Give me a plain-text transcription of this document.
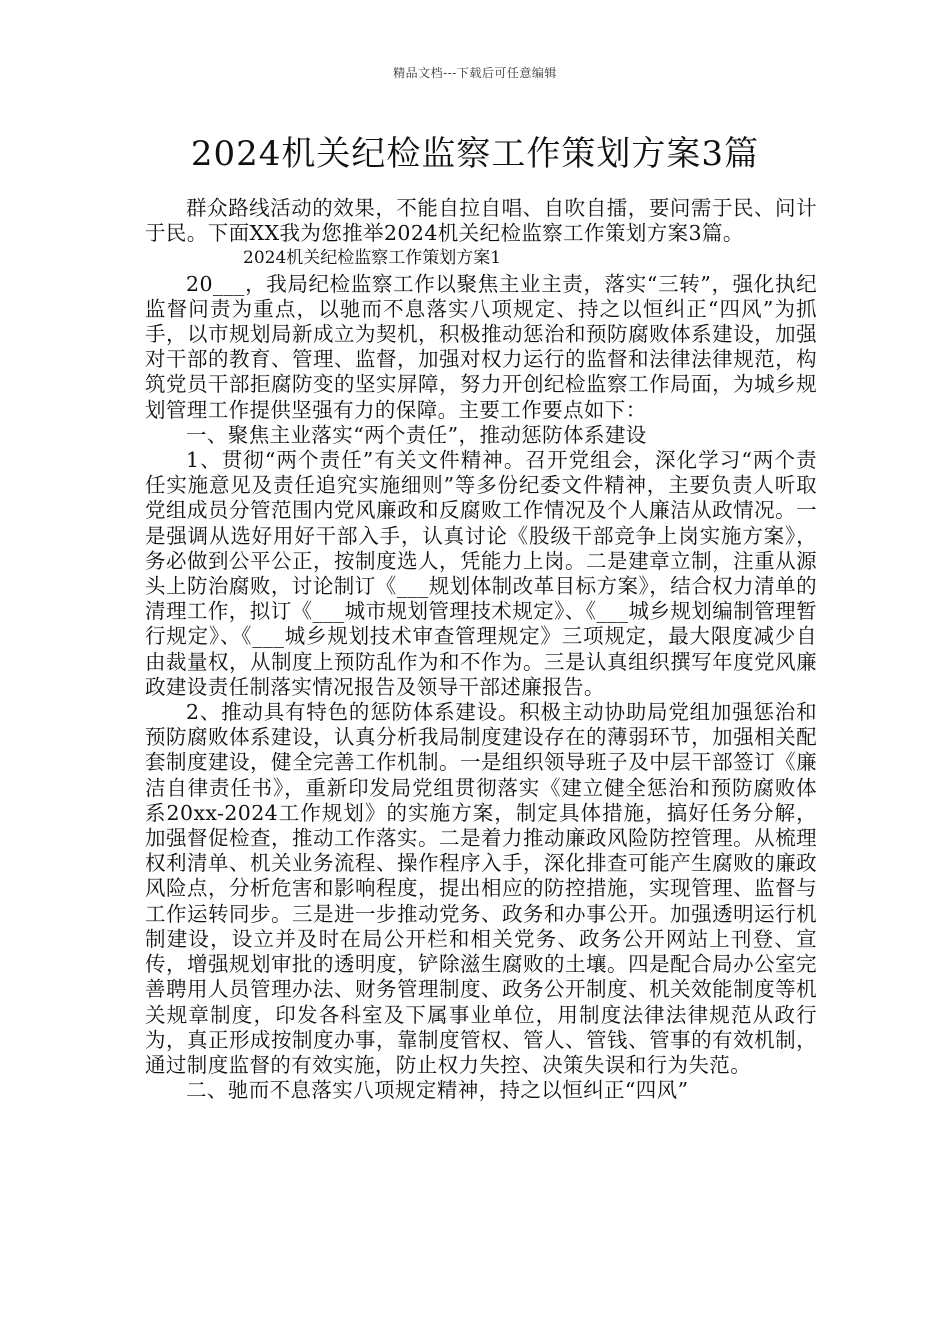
精品文档---下载后可任意编辑
2024机关纪检监察工作策划方案3篇

群众路线活动的效果，不能自拉自唱、自吹自擂，要问需于民、问计于民。下面XX我为您推举2024机关纪检监察工作策划方案3篇。

2024机关纪检监察工作策划方案1

20___，我局纪检监察工作以聚焦主业主责，落实“三转”，强化执纪监督问责为重点，以驰而不息落实八项规定、持之以恒纠正“四风”为抓手，以市规划局新成立为契机，积极推动惩治和预防腐败体系建设，加强对干部的教育、管理、监督，加强对权力运行的监督和法律法律规范，构筑党员干部拒腐防变的坚实屏障，努力开创纪检监察工作局面，为城乡规划管理工作提供坚强有力的保障。主要工作要点如下：

一、聚焦主业落实“两个责任”，推动惩防体系建设

1、贯彻“两个责任”有关文件精神。召开党组会，深化学习“两个责任实施意见及责任追究实施细则”等多份纪委文件精神，主要负责人听取党组成员分管范围内党风廉政和反腐败工作情况及个人廉洁从政情况。一是强调从选好用好干部入手，认真讨论《股级干部竞争上岗实施方案》，务必做到公平公正，按制度选人，凭能力上岗。二是建章立制，注重从源头上防治腐败，讨论制订《___规划体制改革目标方案》，结合权力清单的清理工作，拟订《___城市规划管理技术规定》、《___城乡规划编制管理暂行规定》、《___城乡规划技术审查管理规定》三项规定，最大限度减少自由裁量权，从制度上预防乱作为和不作为。三是认真组织撰写年度党风廉政建设责任制落实情况报告及领导干部述廉报告。

2、推动具有特色的惩防体系建设。积极主动协助局党组加强惩治和预防腐败体系建设，认真分析我局制度建设存在的薄弱环节，加强相关配套制度建设，健全完善工作机制。一是组织领导班子及中层干部签订《廉洁自律责任书》，重新印发局党组贯彻落实《建立健全惩治和预防腐败体系20xx-2024工作规划》的实施方案，制定具体措施，搞好任务分解，加强督促检查，推动工作落实。二是着力推动廉政风险防控管理。从梳理权利清单、机关业务流程、操作程序入手，深化排查可能产生腐败的廉政风险点，分析危害和影响程度，提出相应的防控措施，实现管理、监督与工作运转同步。三是进一步推动党务、政务和办事公开。加强透明运行机制建设，设立并及时在局公开栏和相关党务、政务公开网站上刊登、宣传，增强规划审批的透明度，铲除滋生腐败的土壤。四是配合局办公室完善聘用人员管理办法、财务管理制度、政务公开制度、机关效能制度等机关规章制度，印发各科室及下属事业单位，用制度法律法律规范从政行为，真正形成按制度办事，靠制度管权、管人、管钱、管事的有效机制，通过制度监督的有效实施，防止权力失控、决策失误和行为失范。

二、驰而不息落实八项规定精神，持之以恒纠正“四风”
